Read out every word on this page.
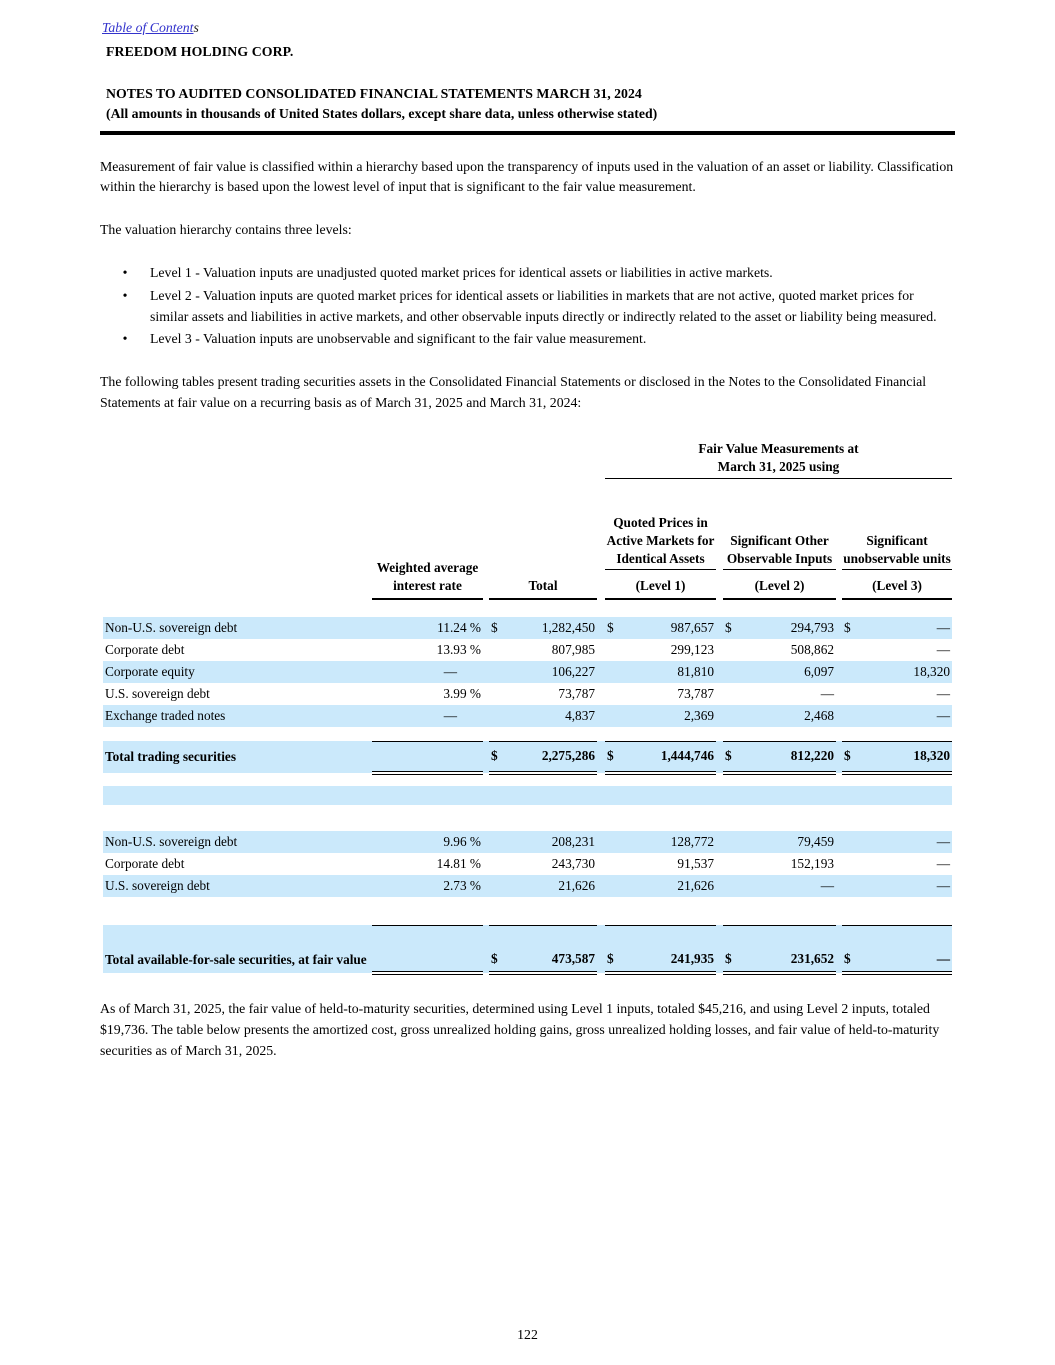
Table of Contents
FREEDOM HOLDING CORP.
NOTES TO AUDITED CONSOLIDATED FINANCIAL STATEMENTS MARCH 31, 2024
(All amounts in thousands of United States dollars, except share data, unless otherwise stated)

Measurement of fair value is classified within a hierarchy based upon the transparency of inputs used in the valuation of an asset or liability. Classification within the hierarchy is based upon the lowest level of input that is significant to the fair value measurement.

The valuation hierarchy contains three levels:

•	Level 1 - Valuation inputs are unadjusted quoted market prices for identical assets or liabilities in active markets.
•	Level 2 - Valuation inputs are quoted market prices for identical assets or liabilities in markets that are not active, quoted market prices for similar assets and liabilities in active markets, and other observable inputs directly or indirectly related to the asset or liability being measured.
•	Level 3 - Valuation inputs are unobservable and significant to the fair value measurement.

The following tables present trading securities assets in the Consolidated Financial Statements or disclosed in the Notes to the Consolidated Financial Statements at fair value on a recurring basis as of March 31, 2025 and March 31, 2024:

Fair Value Measurements at
March 31, 2025 using
Quoted Prices in Active Markets for Identical Assets
Significant Other Observable Inputs
Significant unobservable units
Weighted average interest rate	Total	(Level 1)	(Level 2)	(Level 3)
Non-U.S. sovereign debt	11.24 %		$	1,282,450		$	987,657		$	294,793		$	—
Corporate debt	13.93 %			807,985			299,123			508,862			—
Corporate equity	—			106,227			81,810			6,097			18,320
U.S. sovereign debt	3.99 %			73,787			73,787			—			—
Exchange traded notes	—			4,837			2,369			2,468			—

Total trading securities			$	2,275,286		$	1,444,746		$	812,220		$	18,320

Non-U.S. sovereign debt	9.96 %			208,231			128,772			79,459			—
Corporate debt	14.81 %			243,730			91,537			152,193			—
U.S. sovereign debt	2.73 %			21,626			21,626			—			—

Total available-for-sale securities, at fair value			$	473,587		$	241,935		$	231,652		$	—

As of March 31, 2025, the fair value of held-to-maturity securities, determined using Level 1 inputs, totaled $45,216, and using Level 2 inputs, totaled $19,736. The table below presents the amortized cost, gross unrealized holding gains, gross unrealized holding losses, and fair value of held-to-maturity securities as of March 31, 2025.

122
